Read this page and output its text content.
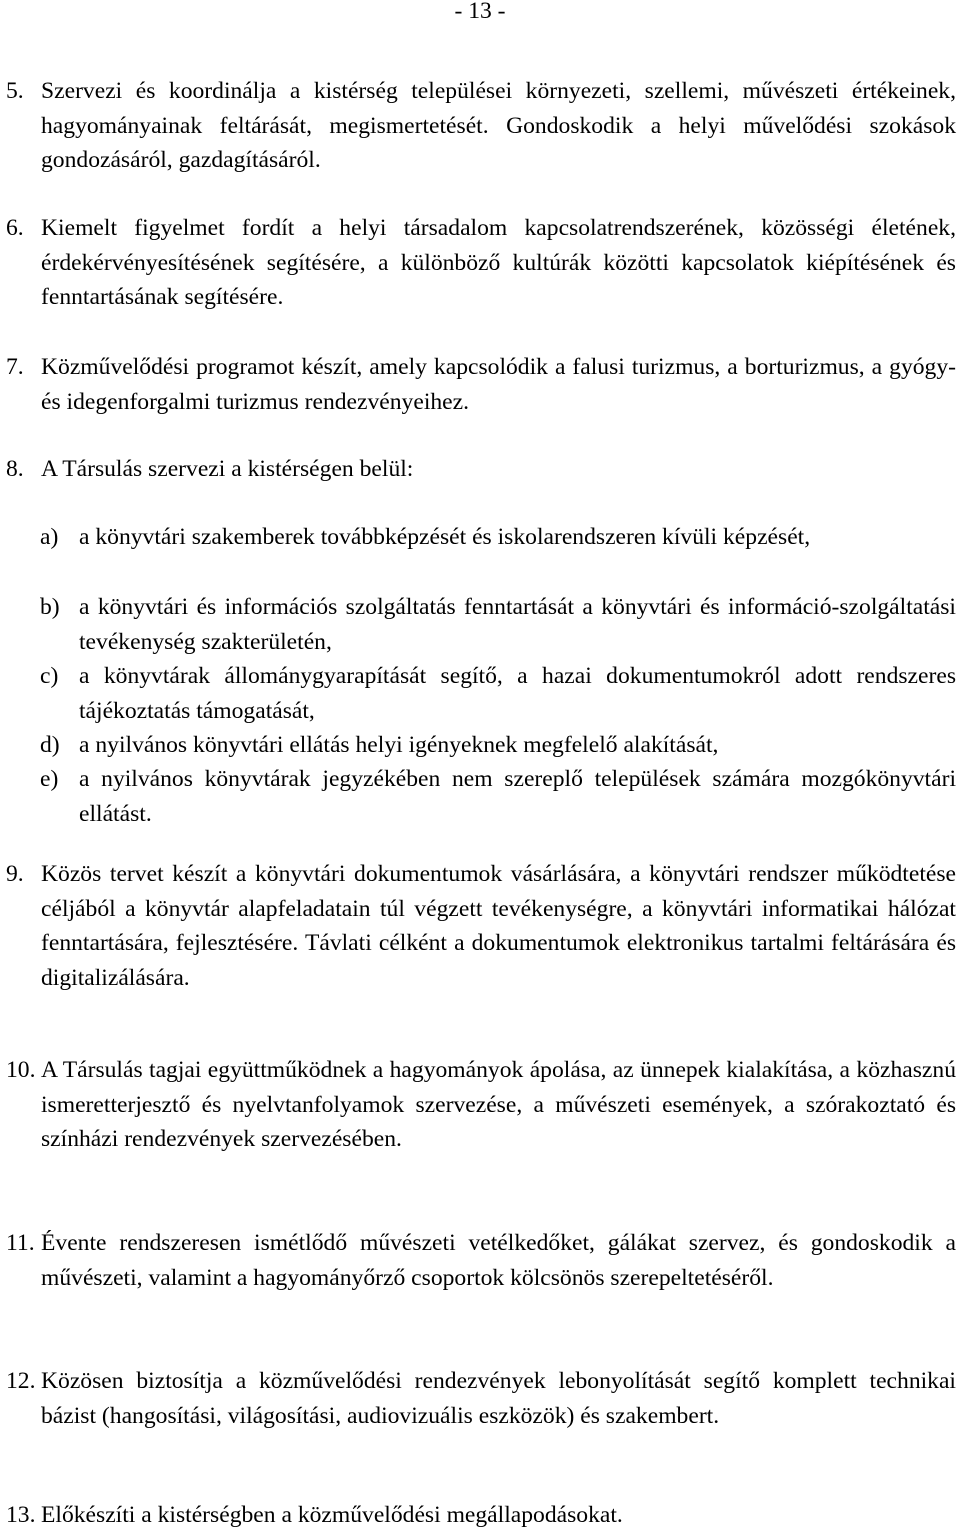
- 13 -
5. Szervezi és koordinálja a kistérség települései környezeti, szellemi, művészeti értékeinek, hagyományainak feltárását, megismertetését. Gondoskodik a helyi művelődési szokások gondozásáról, gazdagításáról.
6. Kiemelt figyelmet fordít a helyi társadalom kapcsolatrendszerének, közösségi életének, érdekérvényesítésének segítésére, a különböző kultúrák közötti kapcsolatok kiépítésének és fenntartásának segítésére.
7. Közművelődési programot készít, amely kapcsolódik a falusi turizmus, a borturizmus, a gyógy- és idegenforgalmi turizmus rendezvényeihez.
8. A Társulás szervezi a kistérségen belül:
a) a könyvtári szakemberek továbbképzését és iskolarendszeren kívüli képzését,
b) a könyvtári és információs szolgáltatás fenntartását a könyvtári és információ-szolgáltatási tevékenység szakterületén,
c) a könyvtárak állománygyarapítását segítő, a hazai dokumentumokról adott rendszeres tájékoztatás támogatását,
d) a nyilvános könyvtári ellátás helyi igényeknek megfelelő alakítását,
e) a nyilvános könyvtárak jegyzékében nem szereplő települések számára mozgókönyvtári ellátást.
9. Közös tervet készít a könyvtári dokumentumok vásárlására, a könyvtári rendszer működtetése céljából a könyvtár alapfeladatain túl végzett tevékenységre, a könyvtári informatikai hálózat fenntartására, fejlesztésére. Távlati célként a dokumentumok elektronikus tartalmi feltárására és digitalizálására.
10. A Társulás tagjai együttműködnek a hagyományok ápolása, az ünnepek kialakítása, a közhasznú ismeretterjesztő és nyelvtanfolyamok szervezése, a művészeti események, a szórakoztató és színházi rendezvények szervezésében.
11. Évente rendszeresen ismétlődő művészeti vetélkedőket, gálákat szervez, és gondoskodik a művészeti, valamint a hagyományőrző csoportok kölcsönös szerepeltetéséről.
12. Közösen biztosítja a közművelődési rendezvények lebonyolítását segítő komplett technikai bázist (hangosítási, világosítási, audiovizuális eszközök) és szakembert.
13. Előkészíti a kistérségben a közművelődési megállapodásokat.
